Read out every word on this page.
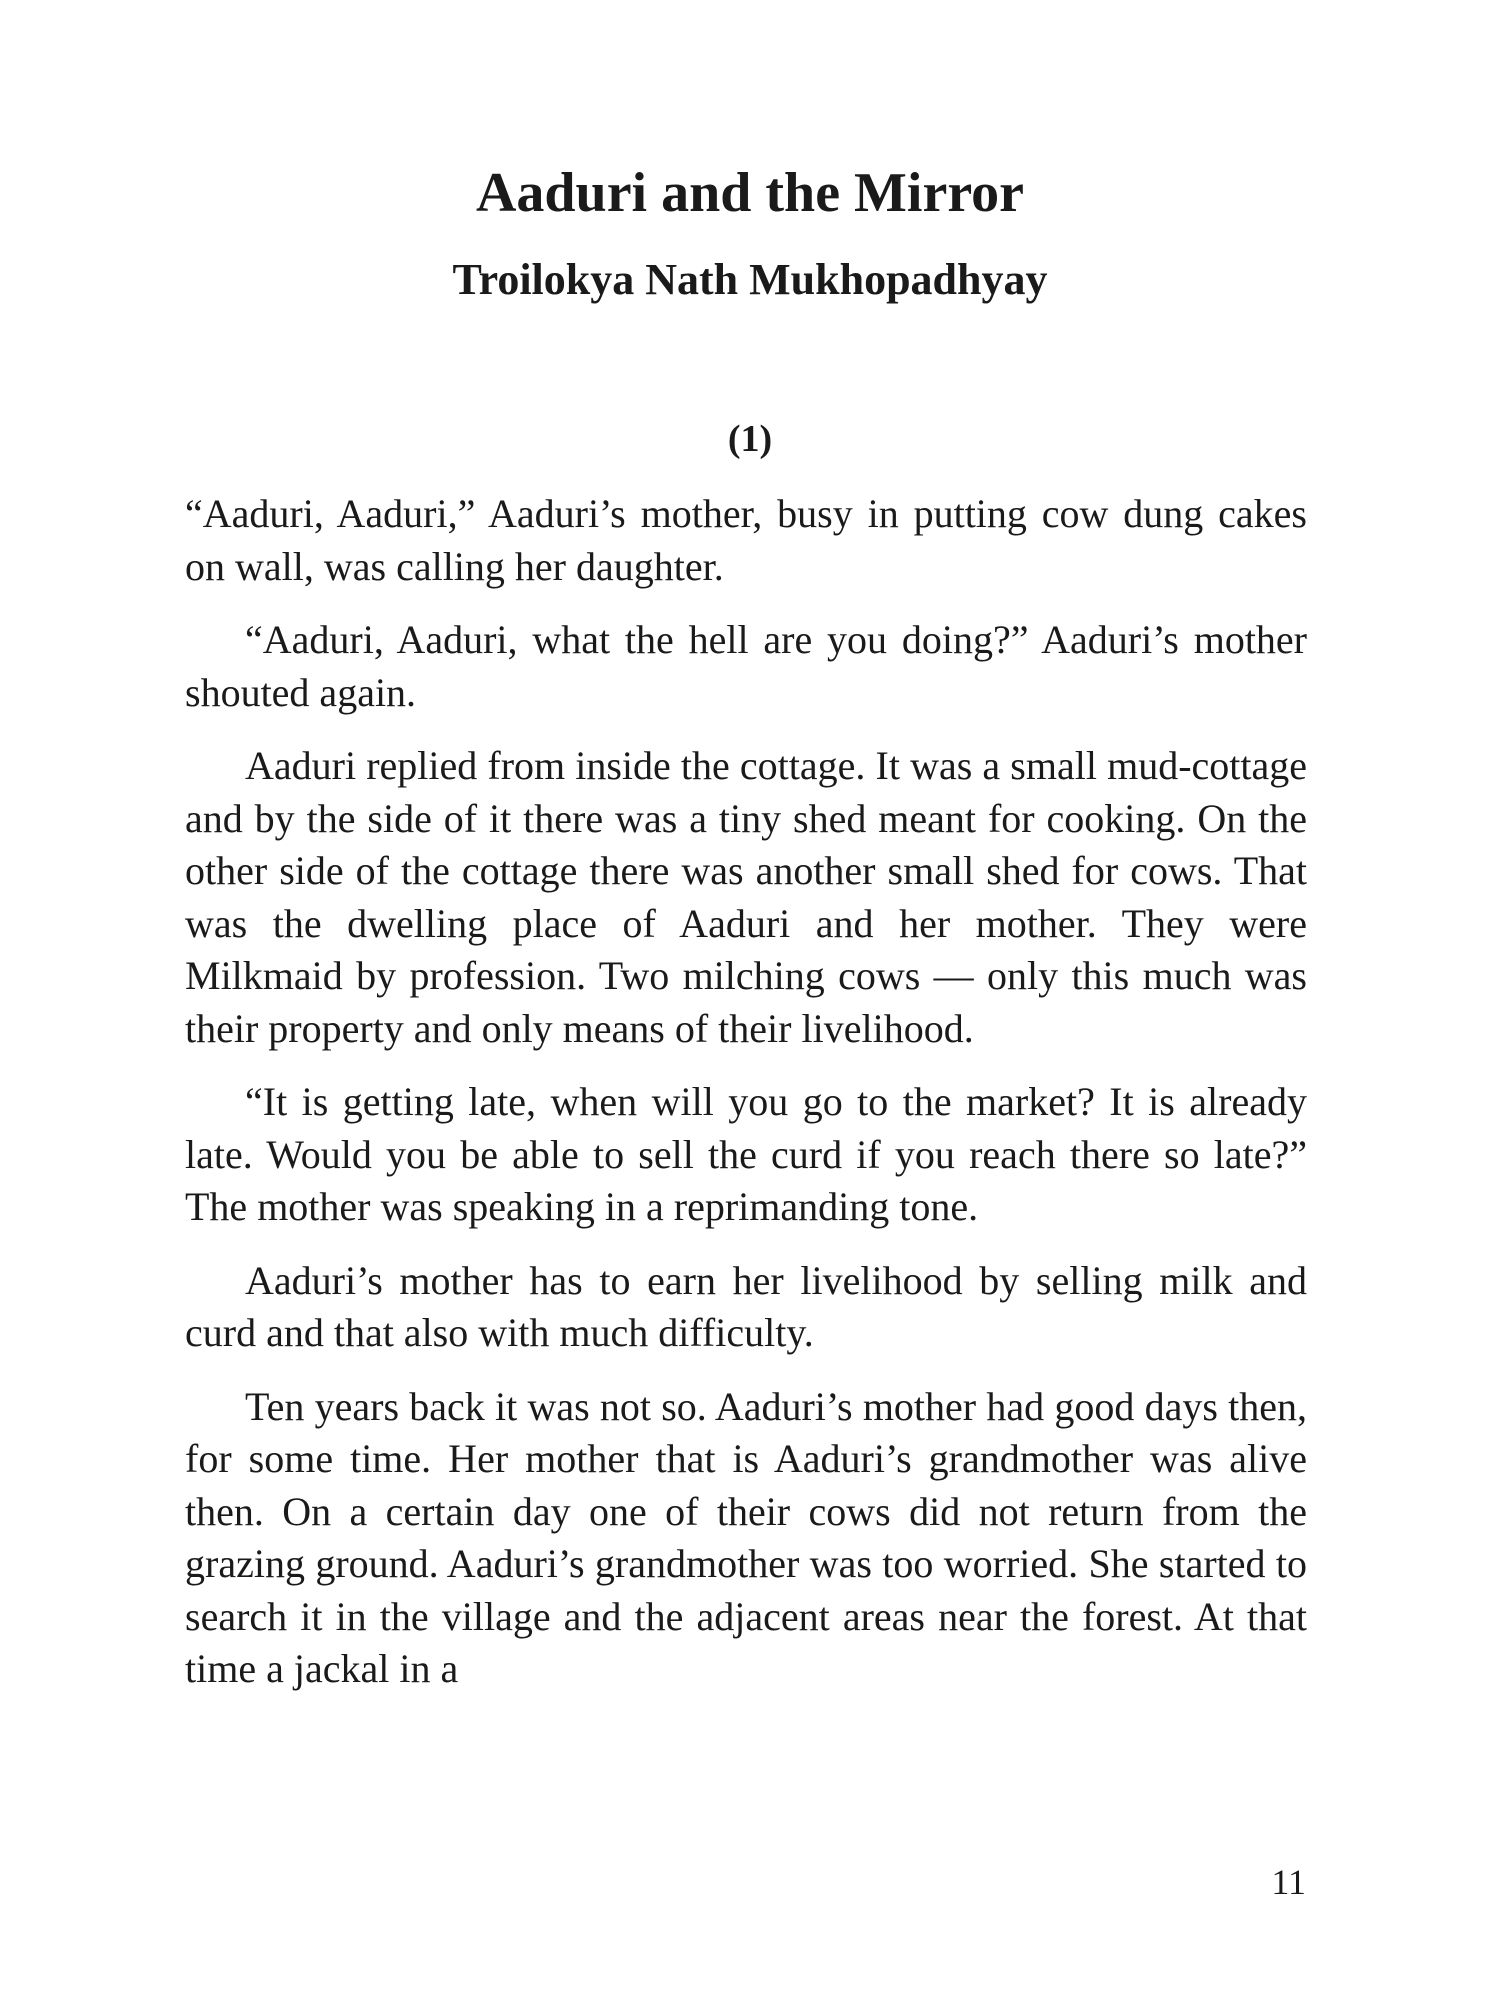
Aaduri and the Mirror
Troilokya Nath Mukhopadhyay
(1)

“Aaduri, Aaduri,” Aaduri’s mother, busy in putting cow dung cakes on wall, was calling her daughter.

“Aaduri, Aaduri, what the hell are you doing?” Aaduri’s mother shouted again.

Aaduri replied from inside the cottage. It was a small mud-cottage and by the side of it there was a tiny shed meant for cooking. On the other side of the cottage there was another small shed for cows. That was the dwelling place of Aaduri and her mother. They were Milkmaid by profession. Two milching cows — only this much was their property and only means of their livelihood.

“It is getting late, when will you go to the market? It is already late. Would you be able to sell the curd if you reach there so late?” The mother was speaking in a reprimanding tone.

Aaduri’s mother has to earn her livelihood by selling milk and curd and that also with much difficulty.

Ten years back it was not so. Aaduri’s mother had good days then, for some time. Her mother that is Aaduri’s grandmother was alive then. On a certain day one of their cows did not return from the grazing ground. Aaduri’s grandmother was too worried. She started to search it in the village and the adjacent areas near the forest. At that time a jackal in a

11
